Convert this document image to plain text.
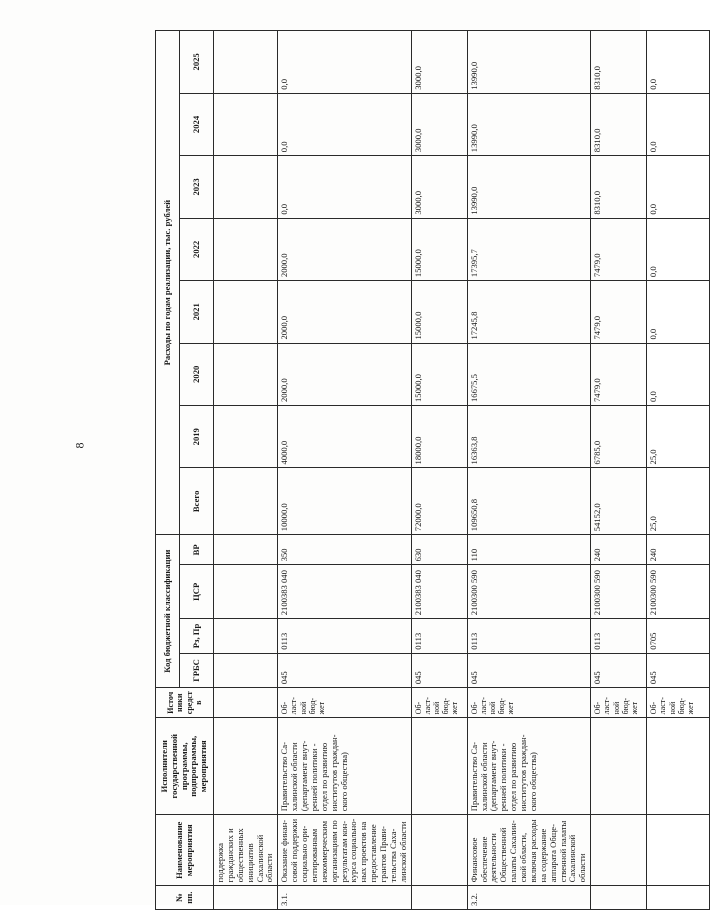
8
№ пп.	Наименование мероприятия	Исполнители государственной программы, подпрограммы, мероприятия	Источники средств	Код бюджетной классификации				Расходы по годам реализации, тыс. рублей							
				ГРБС	Рз, Пр	ЦСР	ВР	Всего	2019	2020	2021	2022	2023	2024	2025
	поддержка гражданских и общественных инициатив Сахалинской области														
3.1.	Оказание финансовой поддержки социально ориентированным некоммерческим организациям по результатам конкурса социальноных проектов на предоставление грантов Правительства Сахалинской области	Правительство Сахалинской области (департамент внутренней политики - отдел по развитию институтов гражданского общества)	Областной бюджет	045	0113	2100383 040	350	10000,0	4000,0	2000,0	2000,0	2000,0	0,0	0,0	0,0
			Областной бюджет	045	0113	2100383 040	630	72000,0	18000,0	15000,0	15000,0	15000,0	3000,0	3000,0	3000,0
3.2.	Финансовое обеспечение деятельности Общественной палаты Сахалинской области, включая расходы на содержание аппарата Общественной палаты Сахалинской области	Правительство Сахалинской области (департамент внутренней политики - отдел по развитию институтов гражданского общества)	Областной бюджет	045	0113	2100300 590	110	109650,8	16363,8	16675,5	17245,8	17395,7	13990,0	13990,0	13990,0
			Областной бюджет	045	0113	2100300 590	240	54152,0	6785,0	7479,0	7479,0	7479,0	8310,0	8310,0	8310,0
			Областной бюджет	045	0705	2100300 590	240	25,0	25,0	0,0	0,0	0,0	0,0	0,0	0,0
